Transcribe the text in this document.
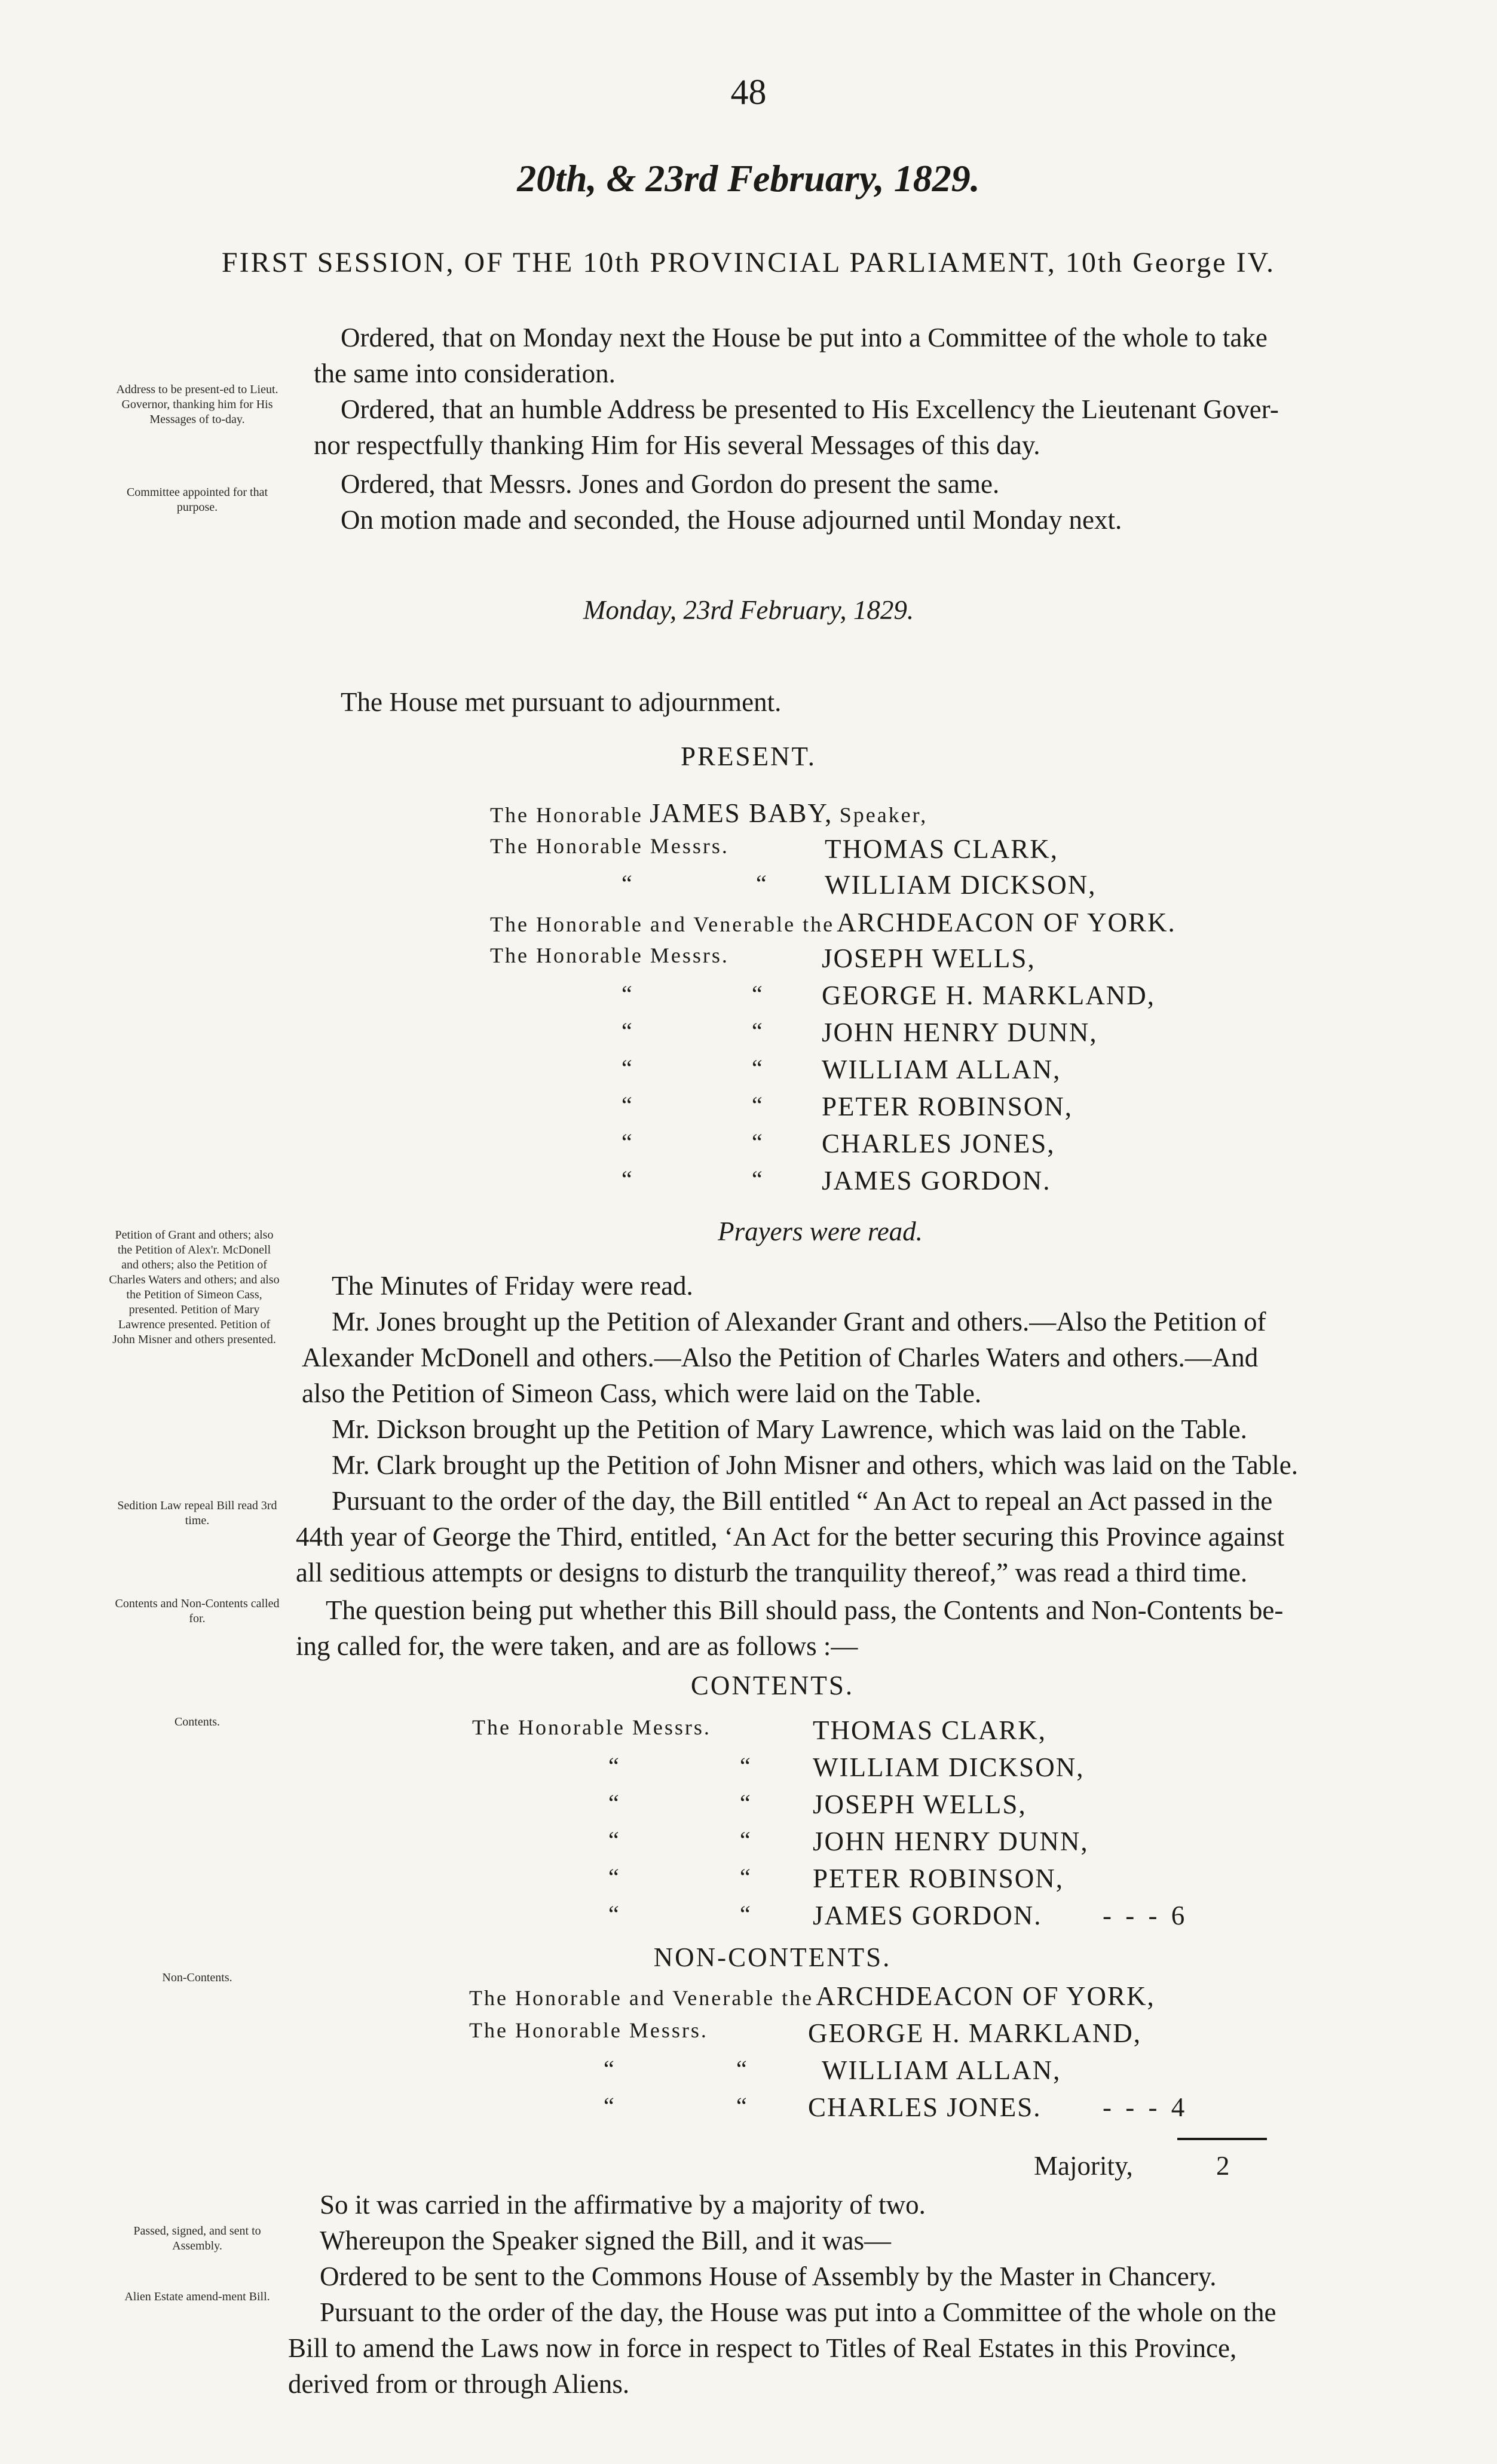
48
20th, & 23rd February, 1829.
FIRST SESSION, OF THE 10th PROVINCIAL PARLIAMENT, 10th George IV.
Ordered, that on Monday next the House be put into a Committee of the whole to take
the same into consideration.
Ordered, that an humble Address be presented to His Excellency the Lieutenant Gover-
nor respectfully thanking Him for His several Messages of this day.
Ordered, that Messrs. Jones and Gordon do present the same.
On motion made and seconded, the House adjourned until Monday next.
Address to be present-ed to Lieut. Governor, thanking him for His Messages of to-day.
Committee appointed for that purpose.
Monday, 23rd February, 1829.
The House met pursuant to adjournment.
PRESENT.
The Honorable JAMES BABY, Speaker,
The Honorable Messrs.	THOMAS CLARK,
“	“ WILLIAM DICKSON,
The Honorable and Venerable the ARCHDEACON OF YORK.
The Honorable Messrs.	JOSEPH WELLS,
“	“ GEORGE H. MARKLAND,
“	“ JOHN HENRY DUNN,
“	“ WILLIAM ALLAN,
“	“ PETER ROBINSON,
“	“ CHARLES JONES,
“	“ JAMES GORDON.
Prayers were read.
Petition of Grant and others; also the Petition of Alex'r. McDonell and others; also the Petition of Charles Waters and others; and also the Petition of Simeon Cass, presented. Petition of Mary Lawrence presented. Petition of John Misner and others presented.
Sedition Law repeal Bill read 3rd time.
Contents and Non-Contents called for.
Contents.
Non-Contents.
Passed, signed, and sent to Assembly.
Alien Estate amend-ment Bill.
The Minutes of Friday were read.
Mr. Jones brought up the Petition of Alexander Grant and others.—Also the Petition of
Alexander McDonell and others.—Also the Petition of Charles Waters and others.—And
also the Petition of Simeon Cass, which were laid on the Table.
Mr. Dickson brought up the Petition of Mary Lawrence, which was laid on the Table.
Mr. Clark brought up the Petition of John Misner and others, which was laid on the Table.
Pursuant to the order of the day, the Bill entitled “ An Act to repeal an Act passed in the
44th year of George the Third, entitled, ‘An Act for the better securing this Province against
all seditious attempts or designs to disturb the tranquility thereof,” was read a third time.
The question being put whether this Bill should pass, the Contents and Non-Contents be-
ing called for, the were taken, and are as follows :—
CONTENTS.
The Honorable Messrs.	THOMAS CLARK,
“	“ WILLIAM DICKSON,
“	“ JOSEPH WELLS,
“	“ JOHN HENRY DUNN,
“	“ PETER ROBINSON,
“	“ JAMES GORDON. - - - 6
NON-CONTENTS.
The Honorable and Venerable the ARCHDEACON OF YORK,
The Honorable Messrs.	GEORGE H. MARKLAND,
“	“	WILLIAM ALLAN,
“	“ CHARLES JONES. - - - 4
Majority,	2
So it was carried in the affirmative by a majority of two.
Whereupon the Speaker signed the Bill, and it was—
Ordered to be sent to the Commons House of Assembly by the Master in Chancery.
Pursuant to the order of the day, the House was put into a Committee of the whole on the
Bill to amend the Laws now in force in respect to Titles of Real Estates in this Province,
derived from or through Aliens.
